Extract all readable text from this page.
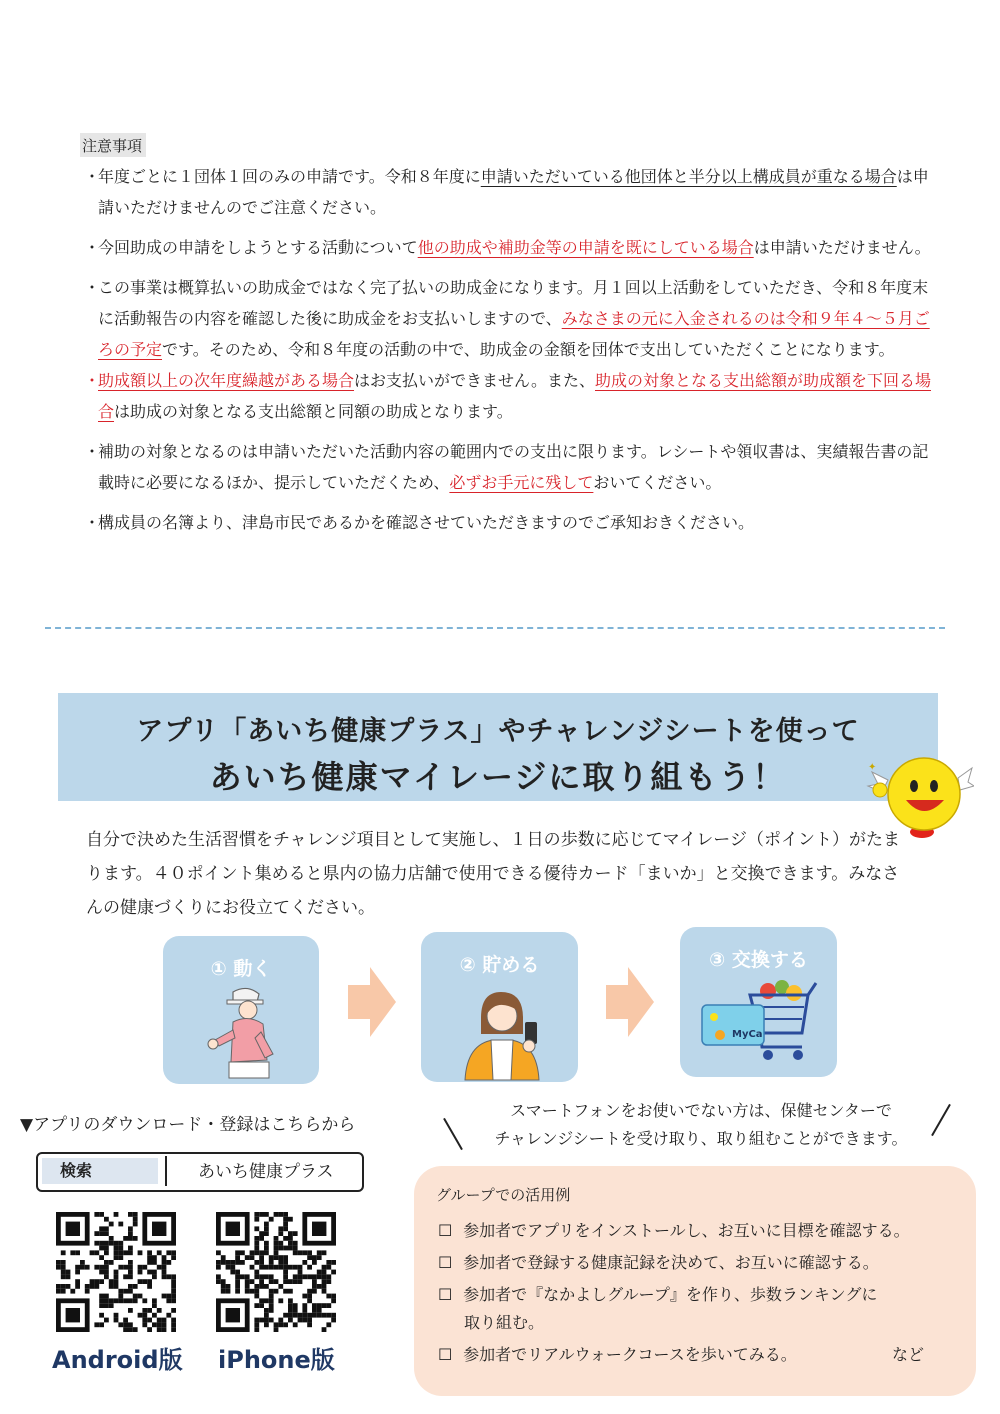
注意事項
・
年度ごとに１団体１回のみの申請です。令和８年度に申請いただいている他団体と半分以上構成員が重なる場合は申請いただけませんのでご注意ください。
・
今回助成の申請をしようとする活動について他の助成や補助金等の申請を既にしている場合は申請いただけません。
・
この事業は概算払いの助成金ではなく完了払いの助成金になります。月１回以上活動をしていただき、令和８年度末に活動報告の内容を確認した後に助成金をお支払いしますので、みなさまの元に入金されるのは令和９年４～５月ごろの予定です。そのため、令和８年度の活動の中で、助成金の金額を団体で支出していただくことになります。
・
助成額以上の次年度繰越がある場合はお支払いができません。また、助成の対象となる支出総額が助成額を下回る場合は助成の対象となる支出総額と同額の助成となります。
・
補助の対象となるのは申請いただいた活動内容の範囲内での支出に限ります。レシートや領収書は、実績報告書の記載時に必要になるほか、提示していただくため、必ずお手元に残しておいてください。
・
構成員の名簿より、津島市民であるかを確認させていただきますのでご承知おきください。
アプリ「あいち健康プラス」やチャレンジシートを使って
あいち健康マイレージに取り組もう！	✦
自分で決めた生活習慣をチャレンジ項目として実施し、１日の歩数に応じてマイレージ（ポイント）がたまります。４０ポイント集めると県内の協力店舗で使用できる優待カード「まいか」と交換できます。みなさんの健康づくりにお役立てください。
① 動く	② 貯める	③ 交換する
MyCa
▼アプリのダウンロード・登録はこちらから
検索	あいち健康プラス
Android版 iPhone版
スマートフォンをお使いでない方は、保健センターで
チャレンジシートを受け取り、取り組むことができます。
グループでの活用例
☐ 参加者でアプリをインストールし、お互いに目標を確認する。
☐ 参加者で登録する健康記録を決めて、お互いに確認する。
☐ 参加者で『なかよしグループ』を作り、歩数ランキングに
取り組む。
☐ 参加者でリアルウォークコースを歩いてみる。	など
